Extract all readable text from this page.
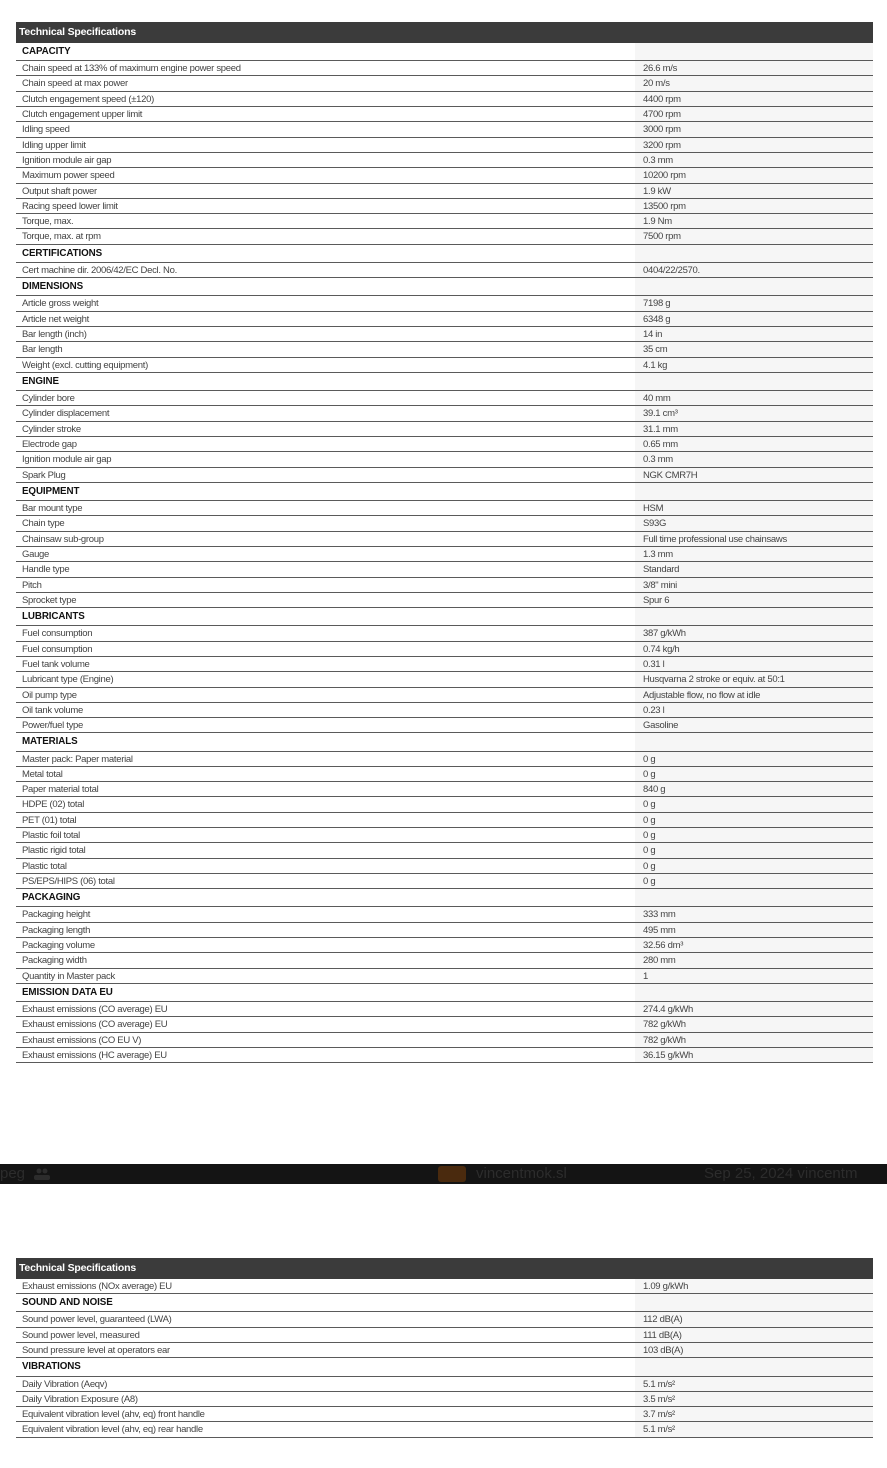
Technical Specifications
CAPACITY
Chain speed at 133% of maximum engine power speed	26.6 m/s
Chain speed at max power	20 m/s
Clutch engagement speed (±120)	4400 rpm
Clutch engagement upper limit	4700 rpm
Idling speed	3000 rpm
Idling upper limit	3200 rpm
Ignition module air gap	0.3 mm
Maximum power speed	10200 rpm
Output shaft power	1.9 kW
Racing speed lower limit	13500 rpm
Torque, max.	1.9 Nm
Torque, max. at rpm	7500 rpm
CERTIFICATIONS
Cert machine dir. 2006/42/EC Decl. No.	0404/22/2570.
DIMENSIONS
Article gross weight	7198 g
Article net weight	6348 g
Bar length (inch)	14 in
Bar length	35 cm
Weight (excl. cutting equipment)	4.1 kg
ENGINE
Cylinder bore	40 mm
Cylinder displacement	39.1 cm³
Cylinder stroke	31.1 mm
Electrode gap	0.65 mm
Ignition module air gap	0.3 mm
Spark Plug	NGK CMR7H
EQUIPMENT
Bar mount type	HSM
Chain type	S93G
Chainsaw sub-group	Full time professional use chainsaws
Gauge	1.3 mm
Handle type	Standard
Pitch	3/8" mini
Sprocket type	Spur 6
LUBRICANTS
Fuel consumption	387 g/kWh
Fuel consumption	0.74 kg/h
Fuel tank volume	0.31 l
Lubricant type (Engine)	Husqvarna 2 stroke or equiv. at 50:1
Oil pump type	Adjustable flow, no flow at idle
Oil tank volume	0.23 l
Power/fuel type	Gasoline
MATERIALS
Master pack: Paper material	0 g
Metal total	0 g
Paper material total	840 g
HDPE (02) total	0 g
PET (01) total	0 g
Plastic foil total	0 g
Plastic rigid total	0 g
Plastic total	0 g
PS/EPS/HIPS (06) total	0 g
PACKAGING
Packaging height	333 mm
Packaging length	495 mm
Packaging volume	32.56 dm³
Packaging width	280 mm
Quantity in Master pack	1
EMISSION DATA EU
Exhaust emissions (CO average) EU	274.4 g/kWh
Exhaust emissions (CO average) EU	782 g/kWh
Exhaust emissions (CO EU V)	782 g/kWh
Exhaust emissions (HC average) EU	36.15 g/kWh
peg	vincentmok.sl	Sep 25, 2024 vincentm
Technical Specifications
Exhaust emissions (NOx average) EU	1.09 g/kWh
SOUND AND NOISE
Sound power level, guaranteed (LWA)	112 dB(A)
Sound power level, measured	111 dB(A)
Sound pressure level at operators ear	103 dB(A)
VIBRATIONS
Daily Vibration (Aeqv)	5.1 m/s²
Daily Vibration Exposure (A8)	3.5 m/s²
Equivalent vibration level (ahv, eq) front handle	3.7 m/s²
Equivalent vibration level (ahv, eq) rear handle	5.1 m/s²
